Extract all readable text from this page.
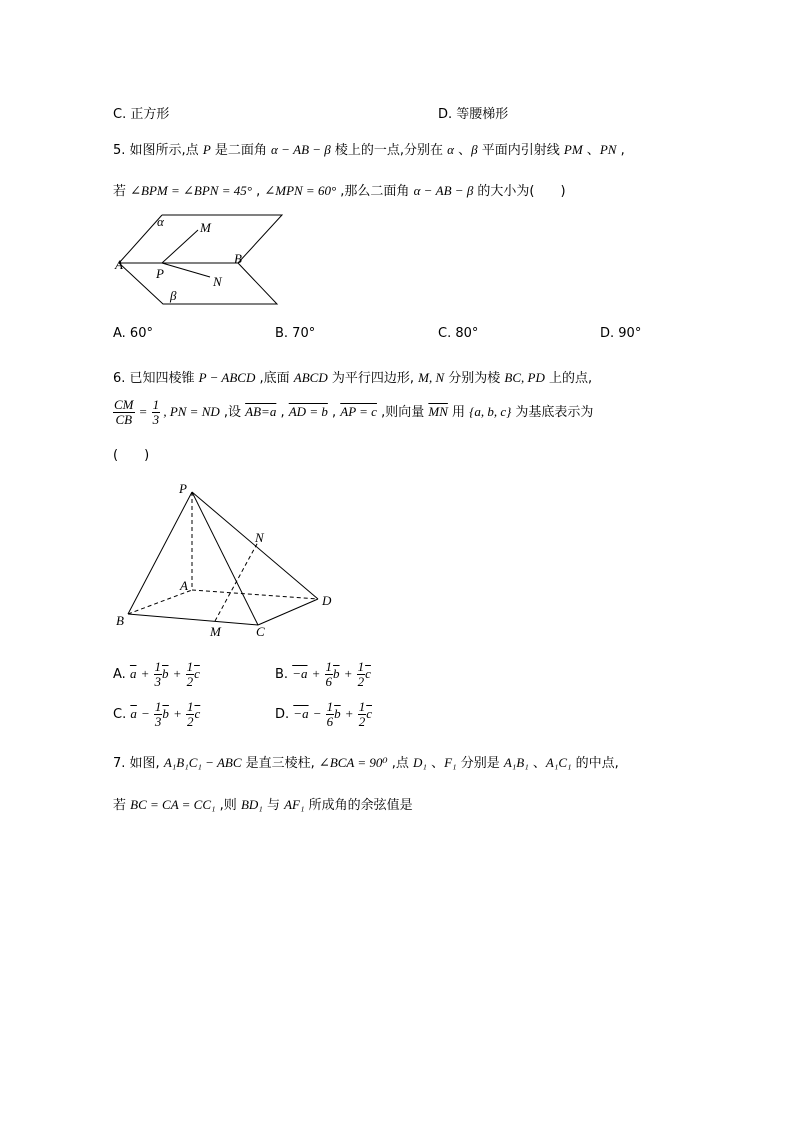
C. 正方形	D. 等腰梯形
5. 如图所示,点 P 是二面角 α − AB − β 棱上的一点,分别在 α 、β 平面内引射线 PM 、PN ,
若 ∠BPM = ∠BPN = 45° , ∠MPN = 60° ,那么二面角 α − AB − β 的大小为(　　)
α	M
A
P
B
N
β
A. 60°	B. 70°	C. 80°	D. 90°
6. 已知四棱锥 P − ABCD ,底面 ABCD 为平行四边形, M, N 分别为棱 BC, PD 上的点,
$\frac{CM}{CB} = \frac{1}{3}$ , PN = ND ,设 AB=a , AD = b , AP = c ,则向量 $\overline{MN}$ 用 {a, b, c} 为基底表示为
(　　)
P
N
A
B
D
M	C
A. $\overline{a} + \frac{1}{3} \overline{b} + \frac{1}{2} \overline{c}$	B. $-a + \frac{1}{6} \overline{b} + \frac{1}{2} \overline{c}$
C. $\overline{a} - \frac{1}{3} \overline{b} + \frac{1}{2} \overline{c}$	D. $-a - \frac{1}{6} \overline{b} + \frac{1}{2} \overline{c}$
7. 如图, A₁B₁C₁ − ABC 是直三棱柱, ∠BCA = 90⁰ ,点 D₁ 、F₁ 分别是 A₁B₁ 、A₁C₁ 的中点,
若 BC = CA = CC₁ ,则 BD₁ 与 AF₁ 所成角的余弦值是
